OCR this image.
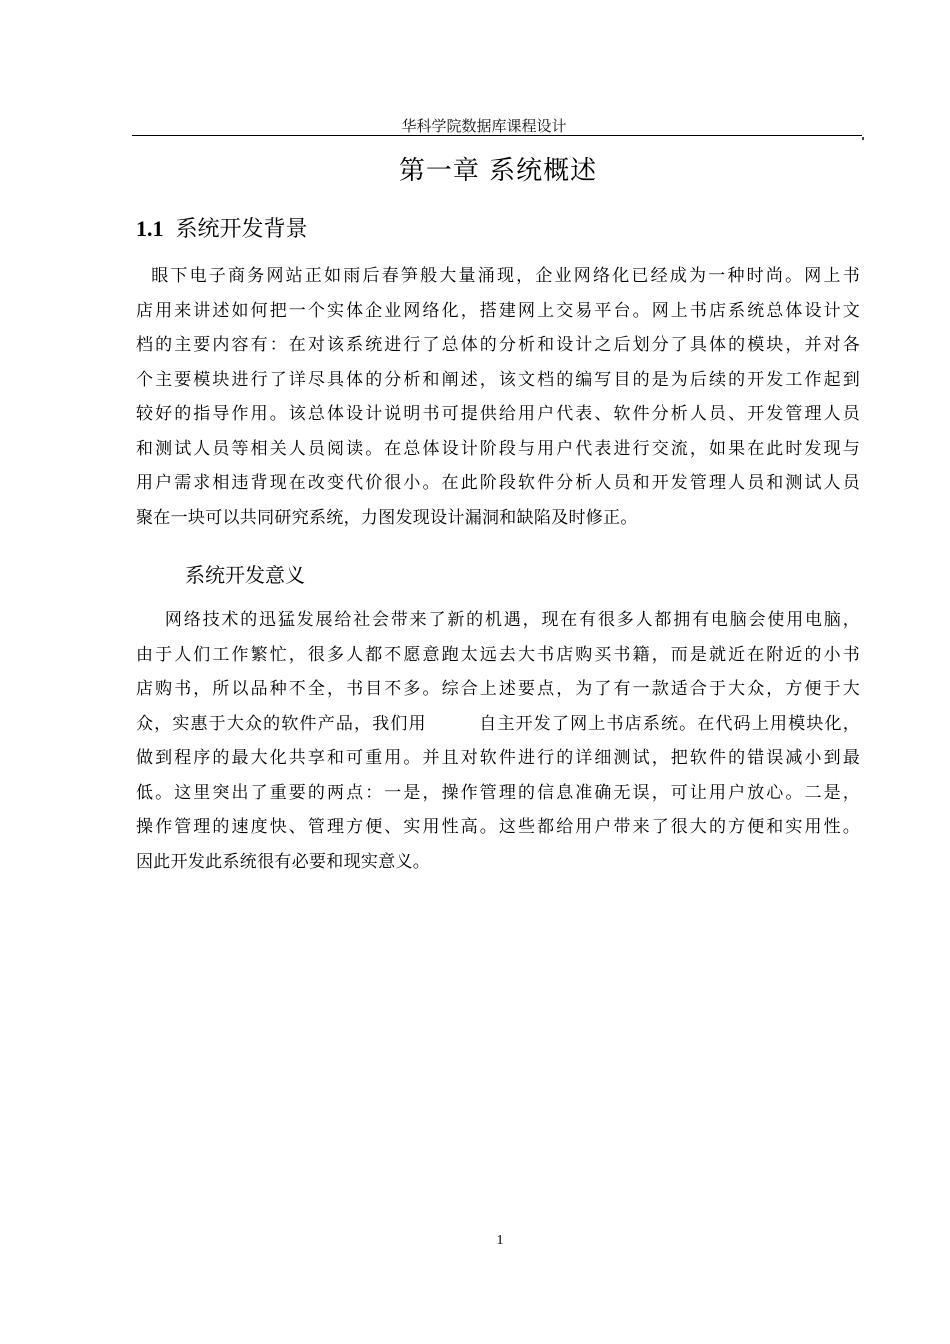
华科学院数据库课程设计
第一章 系统概述
1.1 系统开发背景
眼下电子商务网站正如雨后春笋般大量涌现，企业网络化已经成为一种时尚。网上书
店用来讲述如何把一个实体企业网络化，搭建网上交易平台。网上书店系统总体设计文
档的主要内容有：在对该系统进行了总体的分析和设计之后划分了具体的模块，并对各
个主要模块进行了详尽具体的分析和阐述，该文档的编写目的是为后续的开发工作起到
较好的指导作用。该总体设计说明书可提供给用户代表、软件分析人员、开发管理人员
和测试人员等相关人员阅读。在总体设计阶段与用户代表进行交流，如果在此时发现与
用户需求相违背现在改变代价很小。在此阶段软件分析人员和开发管理人员和测试人员
聚在一块可以共同研究系统，力图发现设计漏洞和缺陷及时修正。
系统开发意义
网络技术的迅猛发展给社会带来了新的机遇，现在有很多人都拥有电脑会使用电脑，
由于人们工作繁忙，很多人都不愿意跑太远去大书店购买书籍，而是就近在附近的小书
店购书，所以品种不全，书目不多。综合上述要点，为了有一款适合于大众，方便于大
众，实惠于大众的软件产品，我们用        自主开发了网上书店系统。在代码上用模块化，
做到程序的最大化共享和可重用。并且对软件进行的详细测试，把软件的错误减小到最
低。这里突出了重要的两点：一是，操作管理的信息准确无误，可让用户放心。二是，
操作管理的速度快、管理方便、实用性高。这些都给用户带来了很大的方便和实用性。
因此开发此系统很有必要和现实意义。
1
